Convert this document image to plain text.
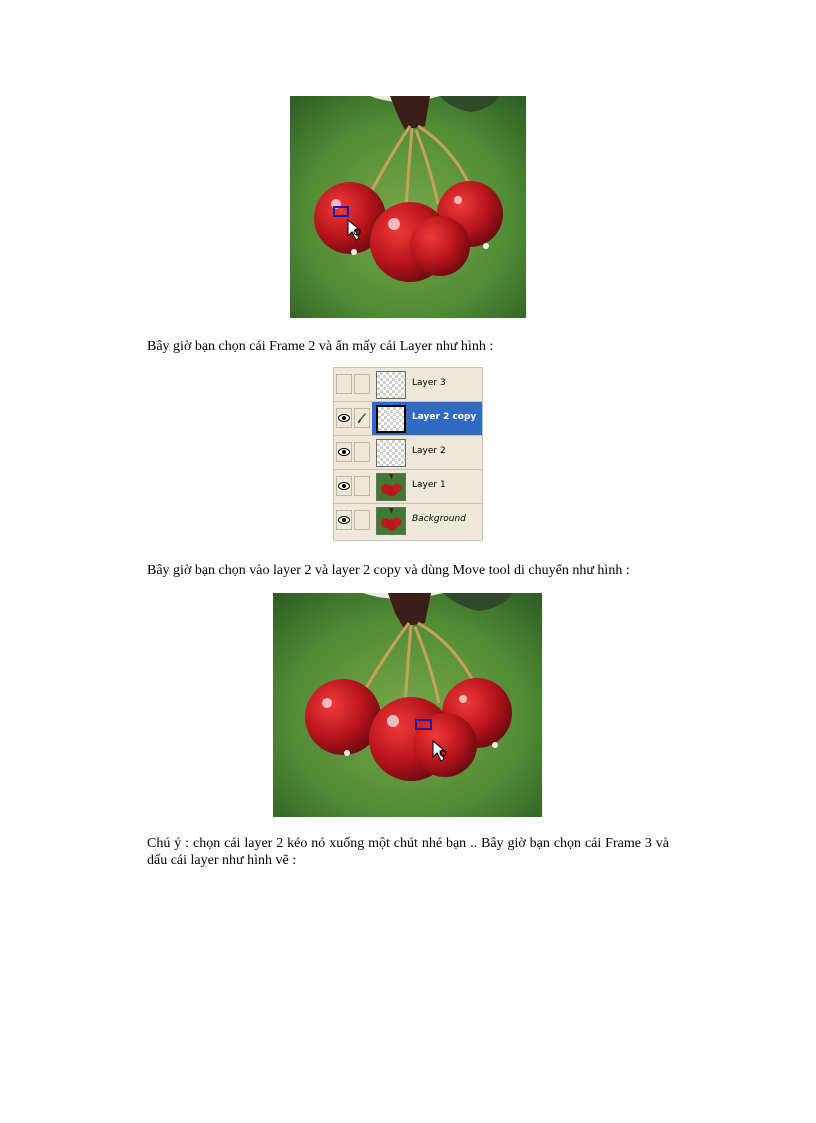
Bây giờ bạn chọn cái Frame 2 và ẩn mấy cái Layer như hình :

Layer 3
Layer 2 copy
Layer 2
Layer 1
Background

Bây giờ bạn chọn vào layer 2 và layer 2 copy và dùng Move tool di chuyển như hình :

Chú ý : chọn cái layer 2 kéo nó xuống một chút nhé bạn .. Bây giờ bạn chọn cái Frame 3 và dấu cái layer như hình vẽ :
